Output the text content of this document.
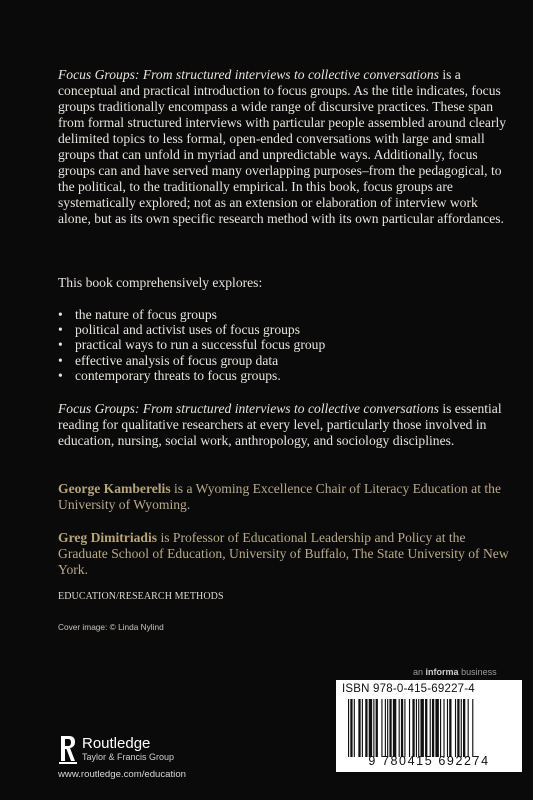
Focus Groups: From structured interviews to collective conversations is a conceptual and practical introduction to focus groups. As the title indicates, focus groups traditionally encompass a wide range of discursive practices. These span from formal structured interviews with particular people assembled around clearly delimited topics to less formal, open-ended conversations with large and small groups that can unfold in myriad and unpredictable ways. Additionally, focus groups can and have served many overlapping purposes–from the pedagogical, to the political, to the traditionally empirical. In this book, focus groups are systematically explored; not as an extension or elaboration of interview work alone, but as its own specific research method with its own particular affordances.
This book comprehensively explores:
• the nature of focus groups
• political and activist uses of focus groups
• practical ways to run a successful focus group
• effective analysis of focus group data
• contemporary threats to focus groups.
Focus Groups: From structured interviews to collective conversations is essential reading for qualitative researchers at every level, particularly those involved in education, nursing, social work, anthropology, and sociology disciplines.
George Kamberelis is a Wyoming Excellence Chair of Literacy Education at the University of Wyoming.
Greg Dimitriadis is Professor of Educational Leadership and Policy at the Graduate School of Education, University of Buffalo, The State University of New York.
EDUCATION/RESEARCH METHODS
Cover image: © Linda Nylind
an informa business
ISBN 978-0-415-69227-4
9 780415 692274
Routledge
Taylor & Francis Group
www.routledge.com/education
